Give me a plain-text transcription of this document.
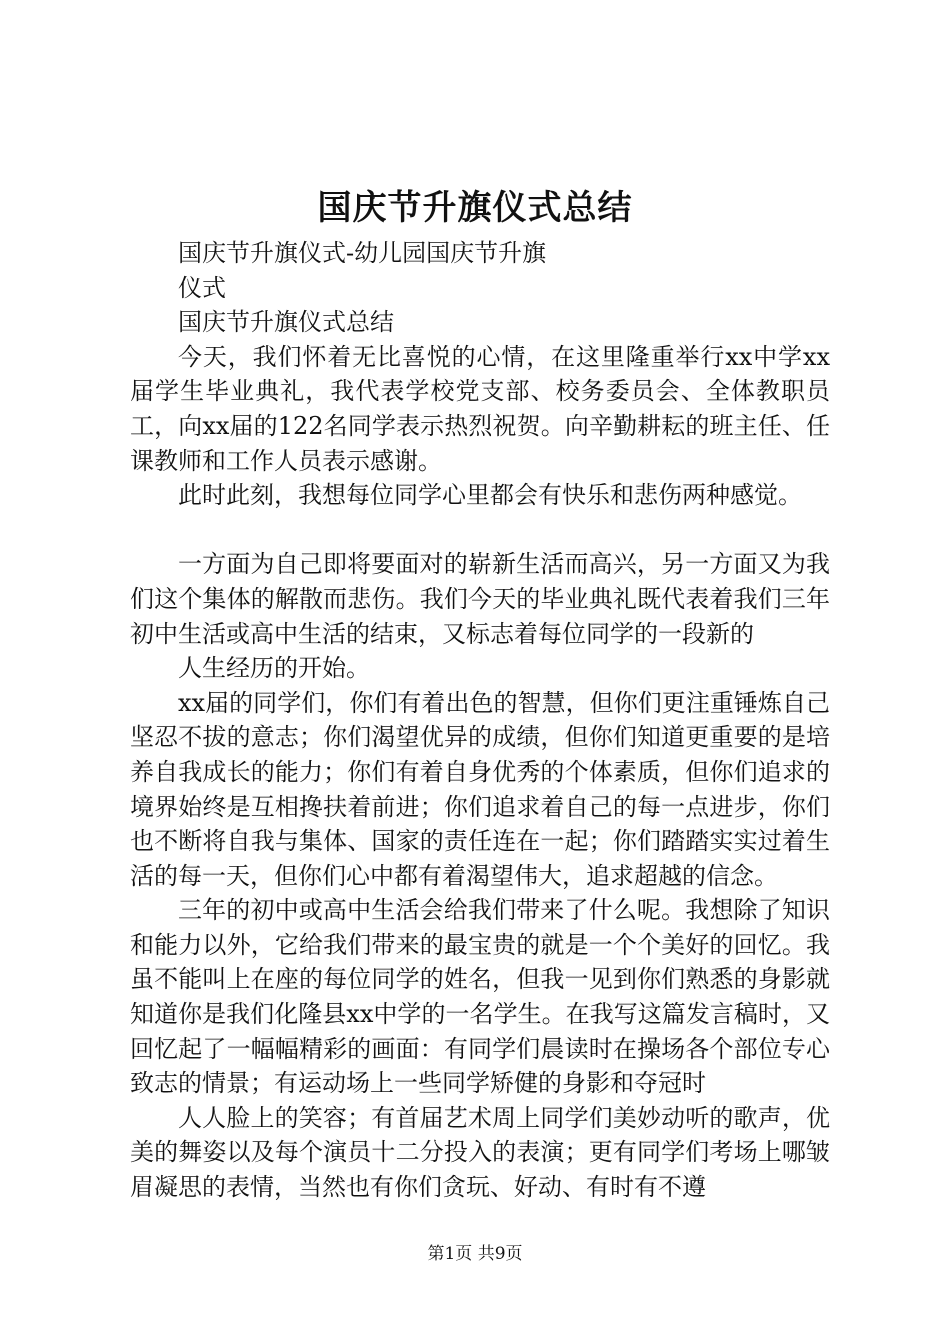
国庆节升旗仪式总结

国庆节升旗仪式-幼儿园国庆节升旗

仪式

国庆节升旗仪式总结

今天，我们怀着无比喜悦的心情，在这里隆重举行xx中学xx届学生毕业典礼，我代表学校党支部、校务委员会、全体教职员工，向xx届的122名同学表示热烈祝贺。向辛勤耕耘的班主任、任课教师和工作人员表示感谢。

此时此刻，我想每位同学心里都会有快乐和悲伤两种感觉。

一方面为自己即将要面对的崭新生活而高兴，另一方面又为我们这个集体的解散而悲伤。我们今天的毕业典礼既代表着我们三年初中生活或高中生活的结束，又标志着每位同学的一段新的

人生经历的开始。

xx届的同学们，你们有着出色的智慧，但你们更注重锤炼自己坚忍不拔的意志；你们渴望优异的成绩，但你们知道更重要的是培养自我成长的能力；你们有着自身优秀的个体素质，但你们追求的境界始终是互相搀扶着前进；你们追求着自己的每一点进步，你们也不断将自我与集体、国家的责任连在一起；你们踏踏实实过着生活的每一天，但你们心中都有着渴望伟大，追求超越的信念。

三年的初中或高中生活会给我们带来了什么呢。我想除了知识和能力以外，它给我们带来的最宝贵的就是一个个美好的回忆。我虽不能叫上在座的每位同学的姓名，但我一见到你们熟悉的身影就知道你是我们化隆县xx中学的一名学生。在我写这篇发言稿时，又回忆起了一幅幅精彩的画面：有同学们晨读时在操场各个部位专心致志的情景；有运动场上一些同学矫健的身影和夺冠时

人人脸上的笑容；有首届艺术周上同学们美妙动听的歌声，优美的舞姿以及每个演员十二分投入的表演；更有同学们考场上哪皱眉凝思的表情，当然也有你们贪玩、好动、有时有不遵

第1页 共9页
